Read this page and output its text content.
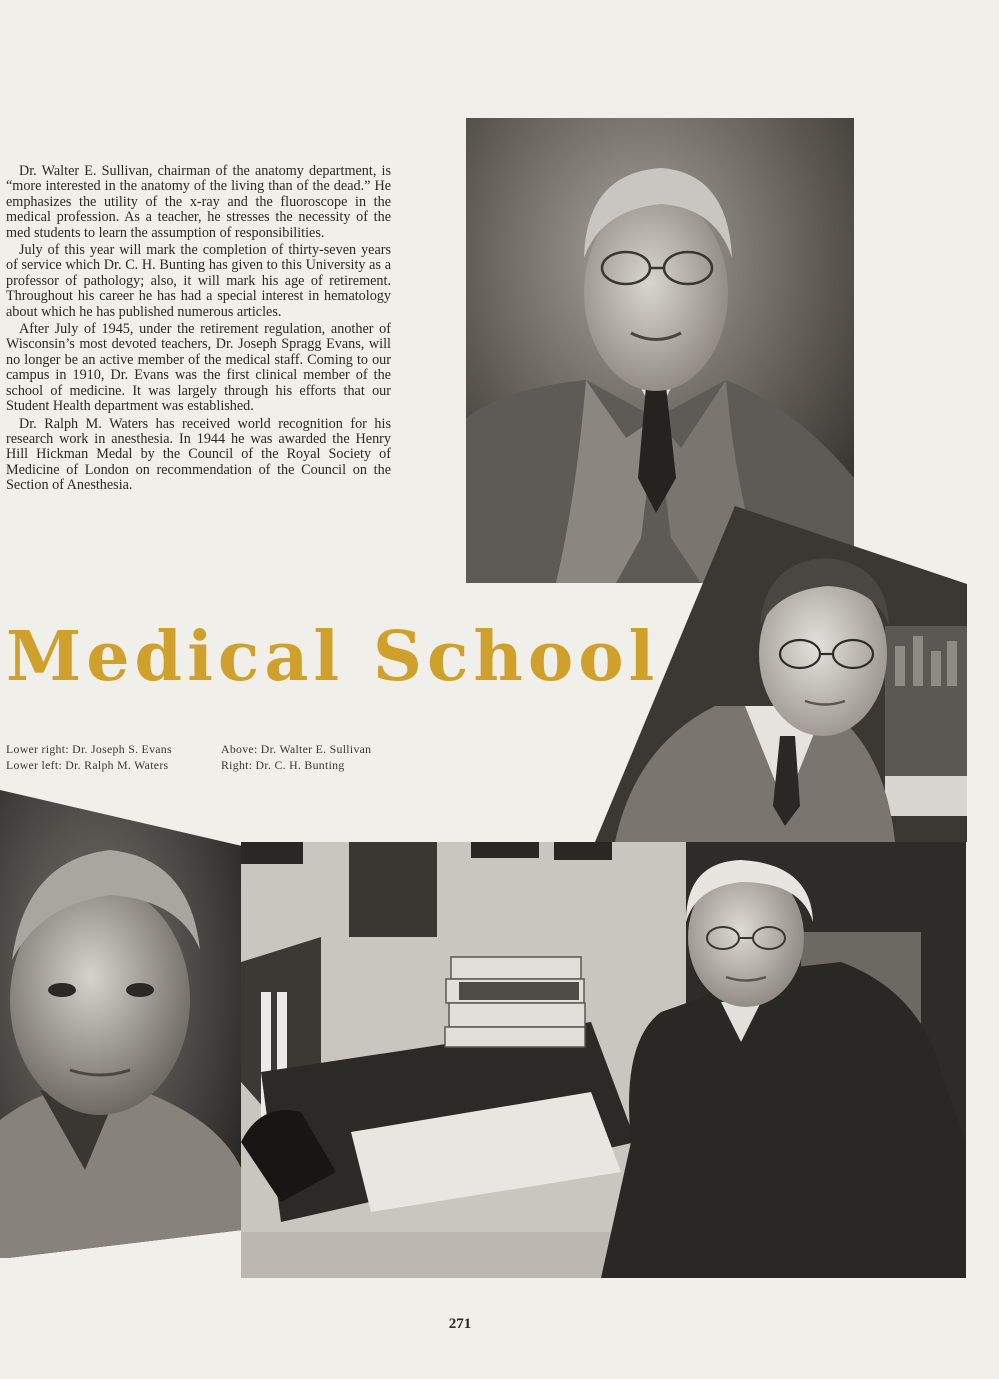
Dr. Walter E. Sullivan, chairman of the anatomy department, is “more interested in the anatomy of the living than of the dead.” He emphasizes the utility of the x-ray and the fluoroscope in the medical profession. As a teacher, he stresses the necessity of the med students to learn the assumption of responsibilities.

July of this year will mark the completion of thirty-seven years of service which Dr. C. H. Bunting has given to this University as a professor of pathology; also, it will mark his age of retirement. Throughout his career he has had a special interest in hematology about which he has published numerous articles.

After July of 1945, under the retirement regulation, another of Wisconsin’s most devoted teachers, Dr. Joseph Spragg Evans, will no longer be an active member of the medical staff. Coming to our campus in 1910, Dr. Evans was the first clinical member of the school of medicine. It was largely through his efforts that our Student Health department was established.

Dr. Ralph M. Waters has received world recognition for his research work in anesthesia. In 1944 he was awarded the Henry Hill Hickman Medal by the Council of the Royal Society of Medicine of London on recommendation of the Council on the Section of Anesthesia.

Medical School
Lower right: Dr. Joseph S. Evans
Lower left: Dr. Ralph M. Waters
Above: Dr. Walter E. Sullivan
Right: Dr. C. H. Bunting
271
